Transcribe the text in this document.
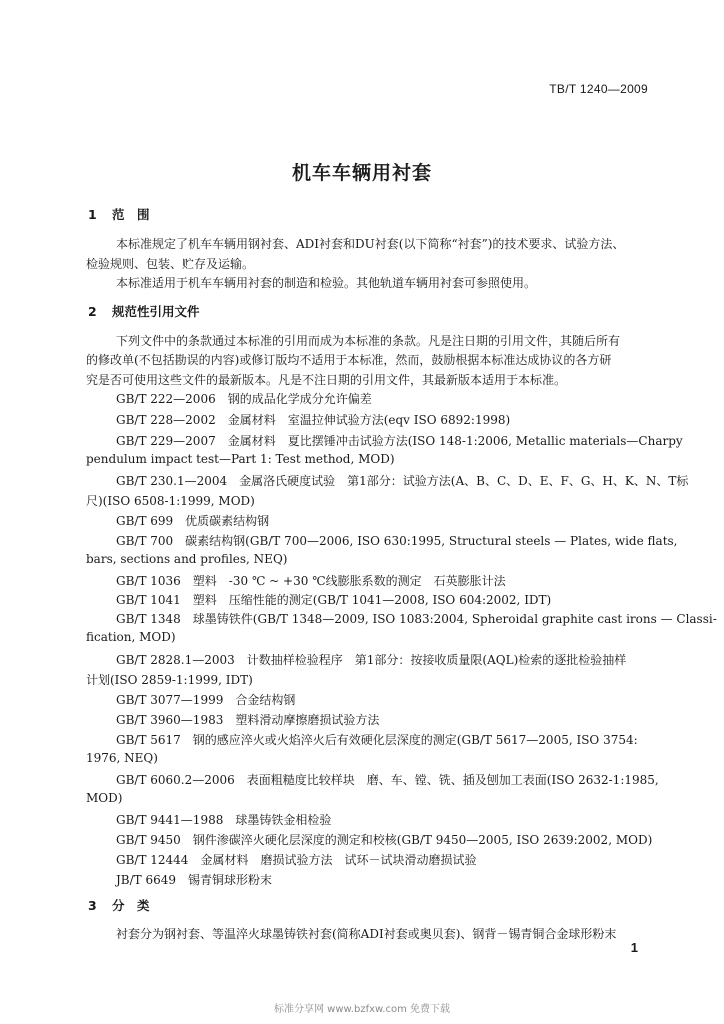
TB/T 1240—2009
机车车辆用衬套
1 范　围
本标准规定了机车车辆用钢衬套、ADI衬套和DU衬套(以下简称“衬套”)的技术要求、试验方法、
检验规则、包装、贮存及运输。
本标准适用于机车车辆用衬套的制造和检验。其他轨道车辆用衬套可参照使用。
2 规范性引用文件
下列文件中的条款通过本标准的引用而成为本标准的条款。凡是注日期的引用文件，其随后所有
的修改单(不包括勘误的内容)或修订版均不适用于本标准，然而，鼓励根据本标准达成协议的各方研
究是否可使用这些文件的最新版本。凡是不注日期的引用文件，其最新版本适用于本标准。
GB/T 222—2006　钢的成品化学成分允许偏差
GB/T 228—2002　金属材料　室温拉伸试验方法(eqv ISO 6892:1998)
GB/T 229—2007　金属材料　夏比摆锤冲击试验方法(ISO 148-1:2006, Metallic materials—Charpy
pendulum impact test—Part 1: Test method, MOD)
GB/T 230.1—2004　金属洛氏硬度试验　第1部分：试验方法(A、B、C、D、E、F、G、H、K、N、T标
尺)(ISO 6508-1:1999, MOD)
GB/T 699　优质碳素结构钢
GB/T 700　碳素结构钢(GB/T 700—2006, ISO 630:1995, Structural steels — Plates, wide flats,
bars, sections and profiles, NEQ)
GB/T 1036　塑料　-30 ℃ ~ +30 ℃线膨胀系数的测定　石英膨胀计法
GB/T 1041　塑料　压缩性能的测定(GB/T 1041—2008, ISO 604:2002, IDT)
GB/T 1348　球墨铸铁件(GB/T 1348—2009, ISO 1083:2004, Spheroidal graphite cast irons — Classi-
fication, MOD)
GB/T 2828.1—2003　计数抽样检验程序　第1部分：按接收质量限(AQL)检索的逐批检验抽样
计划(ISO 2859-1:1999, IDT)
GB/T 3077—1999　合金结构钢
GB/T 3960—1983　塑料滑动摩擦磨损试验方法
GB/T 5617　钢的感应淬火或火焰淬火后有效硬化层深度的测定(GB/T 5617—2005, ISO 3754:
1976, NEQ)
GB/T 6060.2—2006　表面粗糙度比较样块　磨、车、镗、铣、插及刨加工表面(ISO 2632-1:1985,
MOD)
GB/T 9441—1988　球墨铸铁金相检验
GB/T 9450　钢件渗碳淬火硬化层深度的测定和校核(GB/T 9450—2005, ISO 2639:2002, MOD)
GB/T 12444　金属材料　磨损试验方法　试环－试块滑动磨损试验
JB/T 6649　锡青铜球形粉末
3 分　类
衬套分为钢衬套、等温淬火球墨铸铁衬套(简称ADI衬套或奥贝套)、钢背－锡青铜合金球形粉末
1
标准分享网 www.bzfxw.com 免费下载
